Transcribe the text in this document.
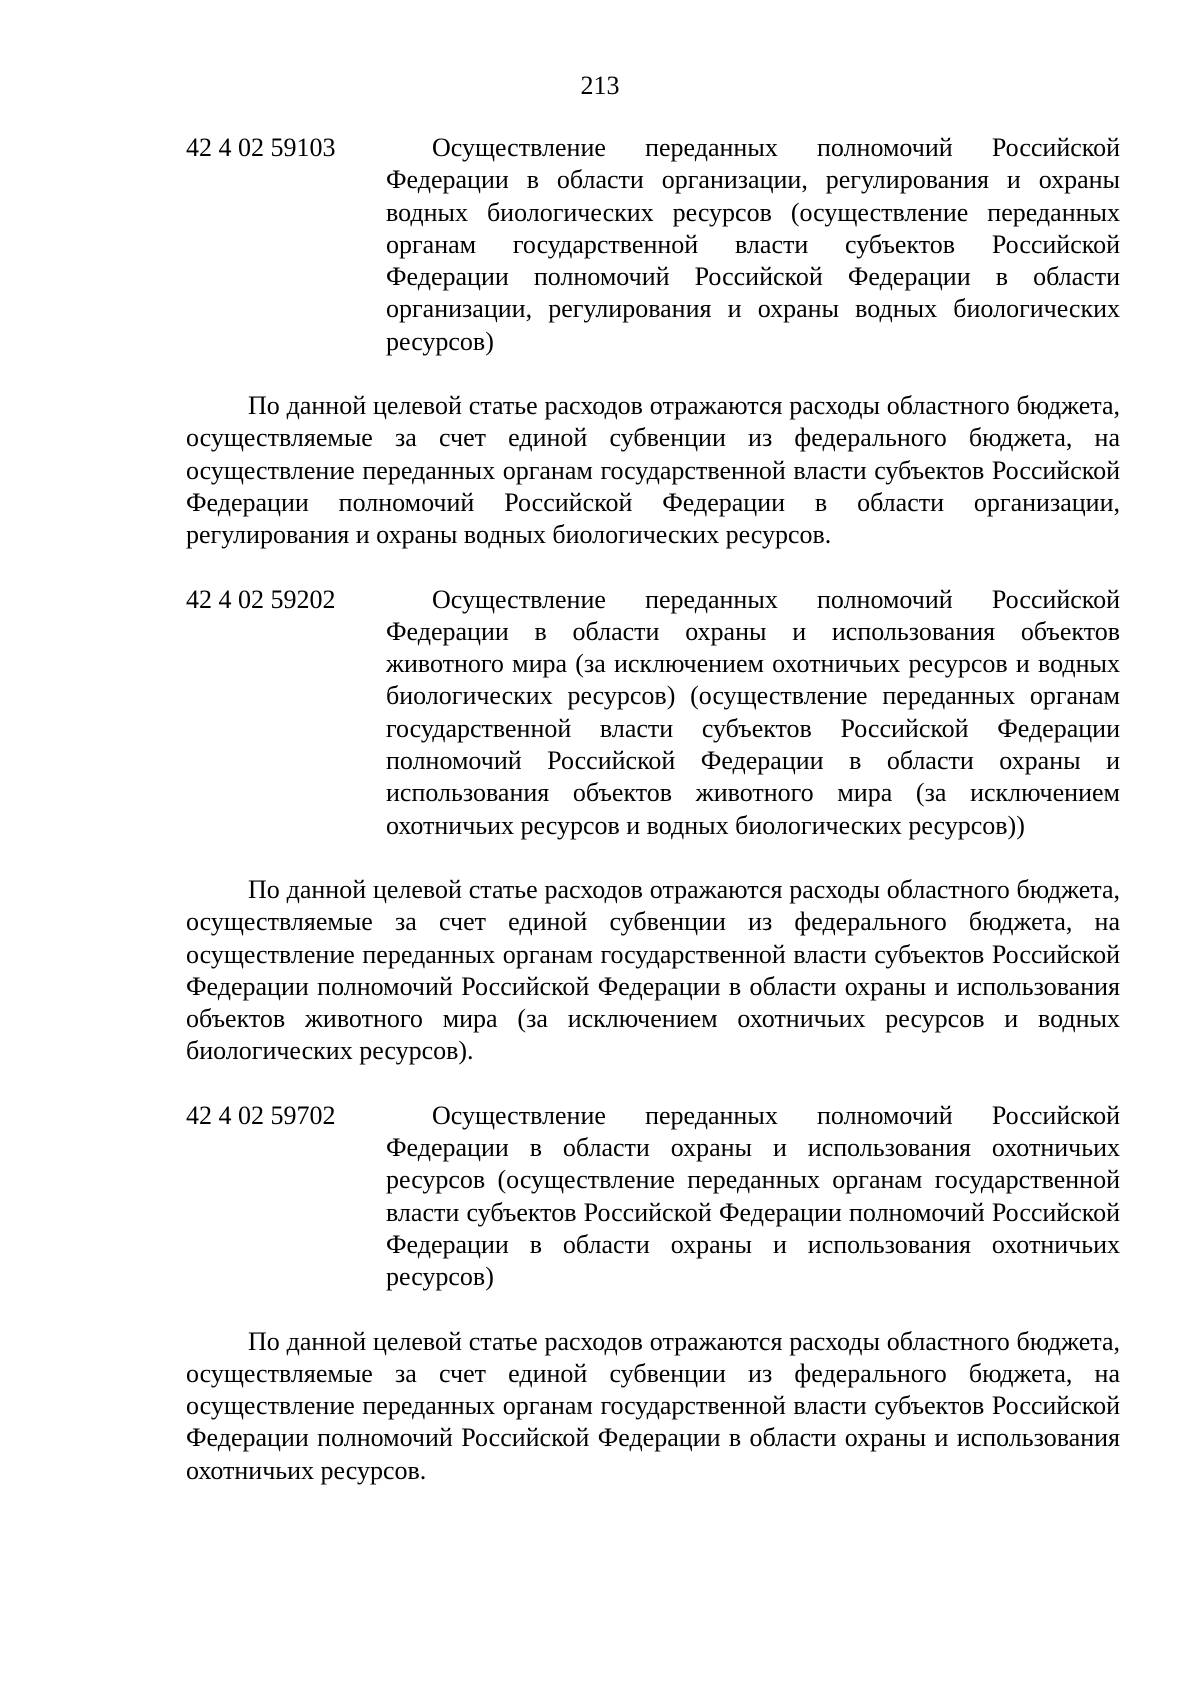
213
42 4 02 59103	Осуществление переданных полномочий Российской Федерации в области организации, регулирования и охраны водных биологических ресурсов (осуществление переданных органам государственной власти субъектов Российской Федерации полномочий Российской Федерации в области организации, регулирования и охраны водных биологических ресурсов)

По данной целевой статье расходов отражаются расходы областного бюджета, осуществляемые за счет единой субвенции из федерального бюджета, на осуществление переданных органам государственной власти субъектов Российской Федерации полномочий Российской Федерации в области организации, регулирования и охраны водных биологических ресурсов.

42 4 02 59202	Осуществление переданных полномочий Российской Федерации в области охраны и использования объектов животного мира (за исключением охотничьих ресурсов и водных биологических ресурсов) (осуществление переданных органам государственной власти субъектов Российской Федерации полномочий Российской Федерации в области охраны и использования объектов животного мира (за исключением охотничьих ресурсов и водных биологических ресурсов))

По данной целевой статье расходов отражаются расходы областного бюджета, осуществляемые за счет единой субвенции из федерального бюджета, на осуществление переданных органам государственной власти субъектов Российской Федерации полномочий Российской Федерации в области охраны и использования объектов животного мира (за исключением охотничьих ресурсов и водных биологических ресурсов).

42 4 02 59702	Осуществление переданных полномочий Российской Федерации в области охраны и использования охотничьих ресурсов (осуществление переданных органам государственной власти субъектов Российской Федерации полномочий Российской Федерации в области охраны и использования охотничьих ресурсов)

По данной целевой статье расходов отражаются расходы областного бюджета, осуществляемые за счет единой субвенции из федерального бюджета, на осуществление переданных органам государственной власти субъектов Российской Федерации полномочий Российской Федерации в области охраны и использования охотничьих ресурсов.
